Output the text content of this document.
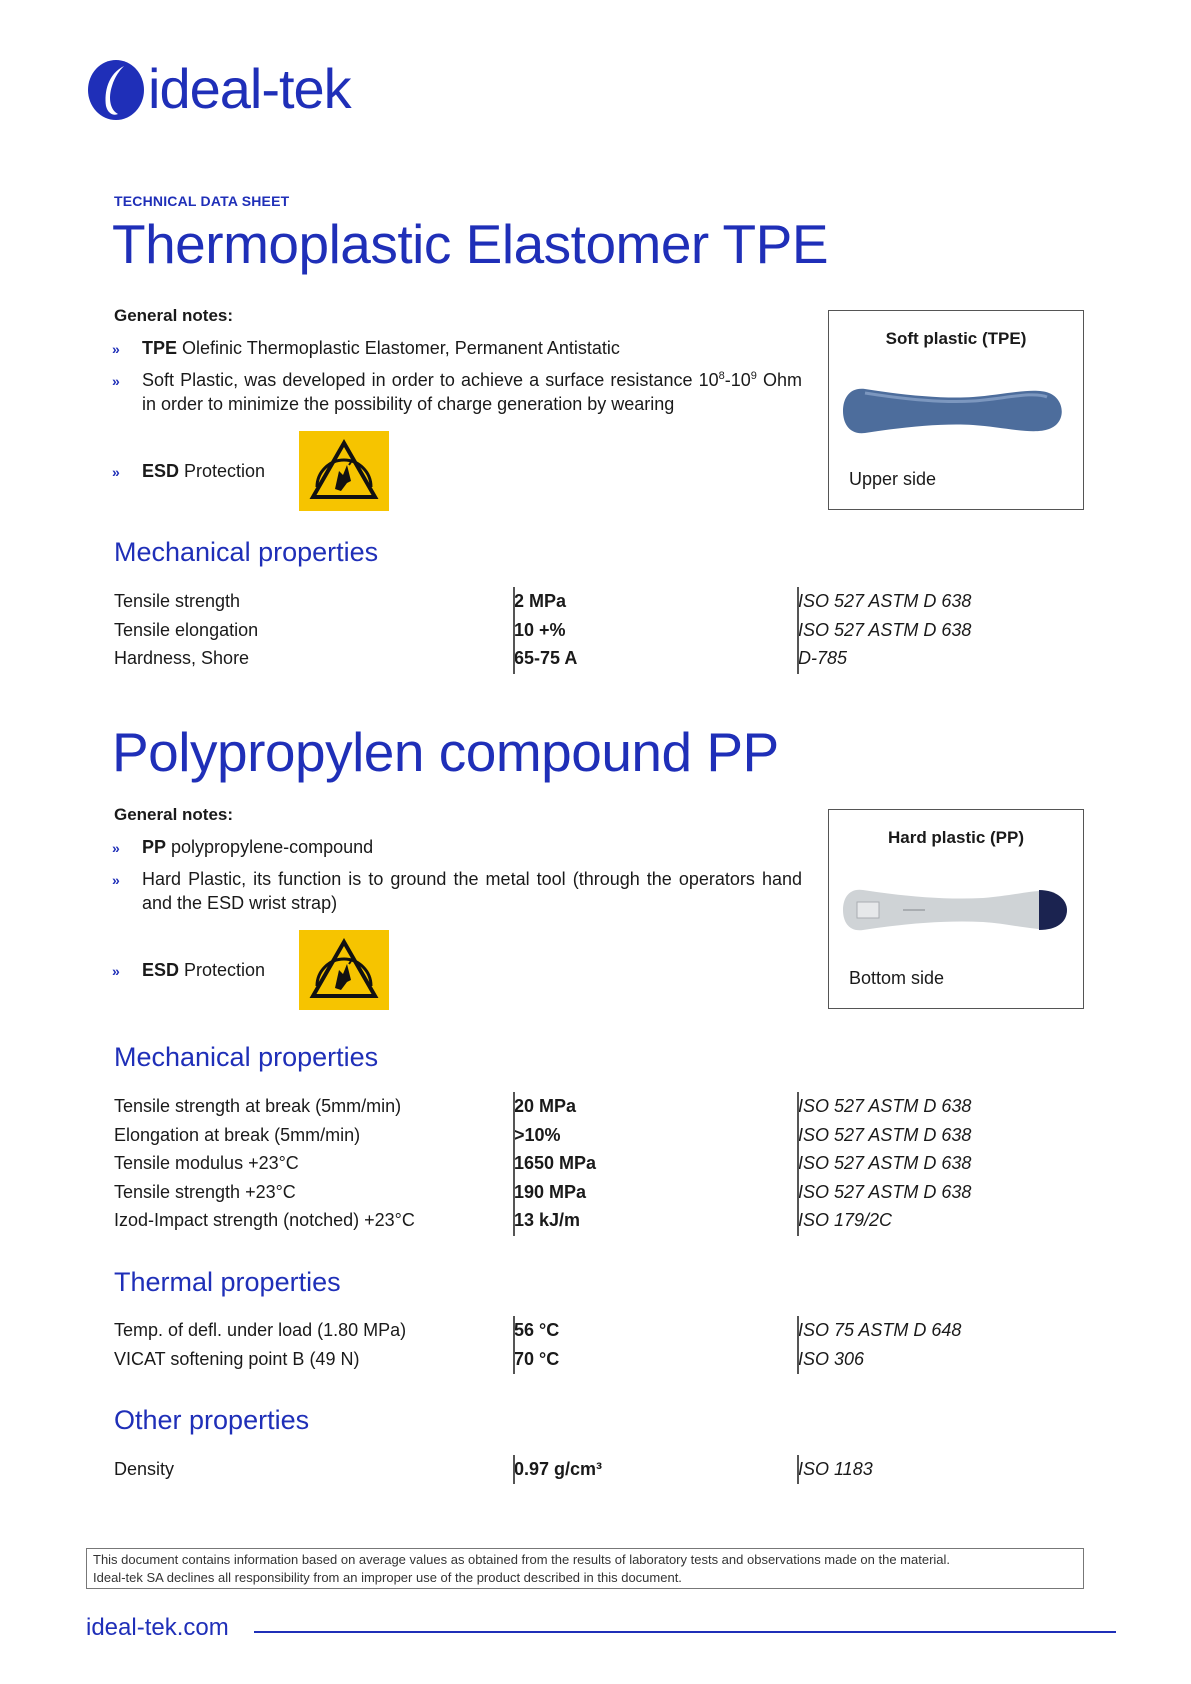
ideal-tek
TECHNICAL DATA SHEET
Thermoplastic Elastomer TPE
General notes:
»	TPE Olefinic Thermoplastic Elastomer, Permanent Antistatic
»	Soft Plastic, was developed in order to achieve a surface resistance $10^8-10^9$ Ohm in order to minimize the possibility of charge generation by wearing
»	ESD Protection
Soft plastic (TPE)
Upper side
Mechanical properties
Tensile strength	2 MPa	ISO 527 ASTM D 638
Tensile elongation	10 +%	ISO 527 ASTM D 638
Hardness, Shore	65-75 A	D-785
Polypropylen compound PP
General notes:
»	PP polypropylene-compound
»	Hard Plastic, its function is to ground the metal tool (through the operators hand and the ESD wrist strap)
»	ESD Protection
Hard plastic (PP)
Bottom side
Mechanical properties
Tensile strength at break (5mm/min)	20 MPa	ISO 527 ASTM D 638
Elongation at break (5mm/min)	>10%	ISO 527 ASTM D 638
Tensile modulus +23°C	1650 MPa	ISO 527 ASTM D 638
Tensile strength +23°C	190 MPa	ISO 527 ASTM D 638
Izod-Impact strength (notched) +23°C	13 kJ/m	ISO 179/2C
Thermal properties
Temp. of defl. under load (1.80 MPa)	56 °C	ISO 75 ASTM D 648
VICAT softening point B (49 N)	70 °C	ISO 306
Other properties
Density	0.97 g/cm³	ISO 1183
This document contains information based on average values as obtained from the results of laboratory tests and observations made on the material.
Ideal-tek SA declines all responsibility from an improper use of the product described in this document.
ideal-tek.com
